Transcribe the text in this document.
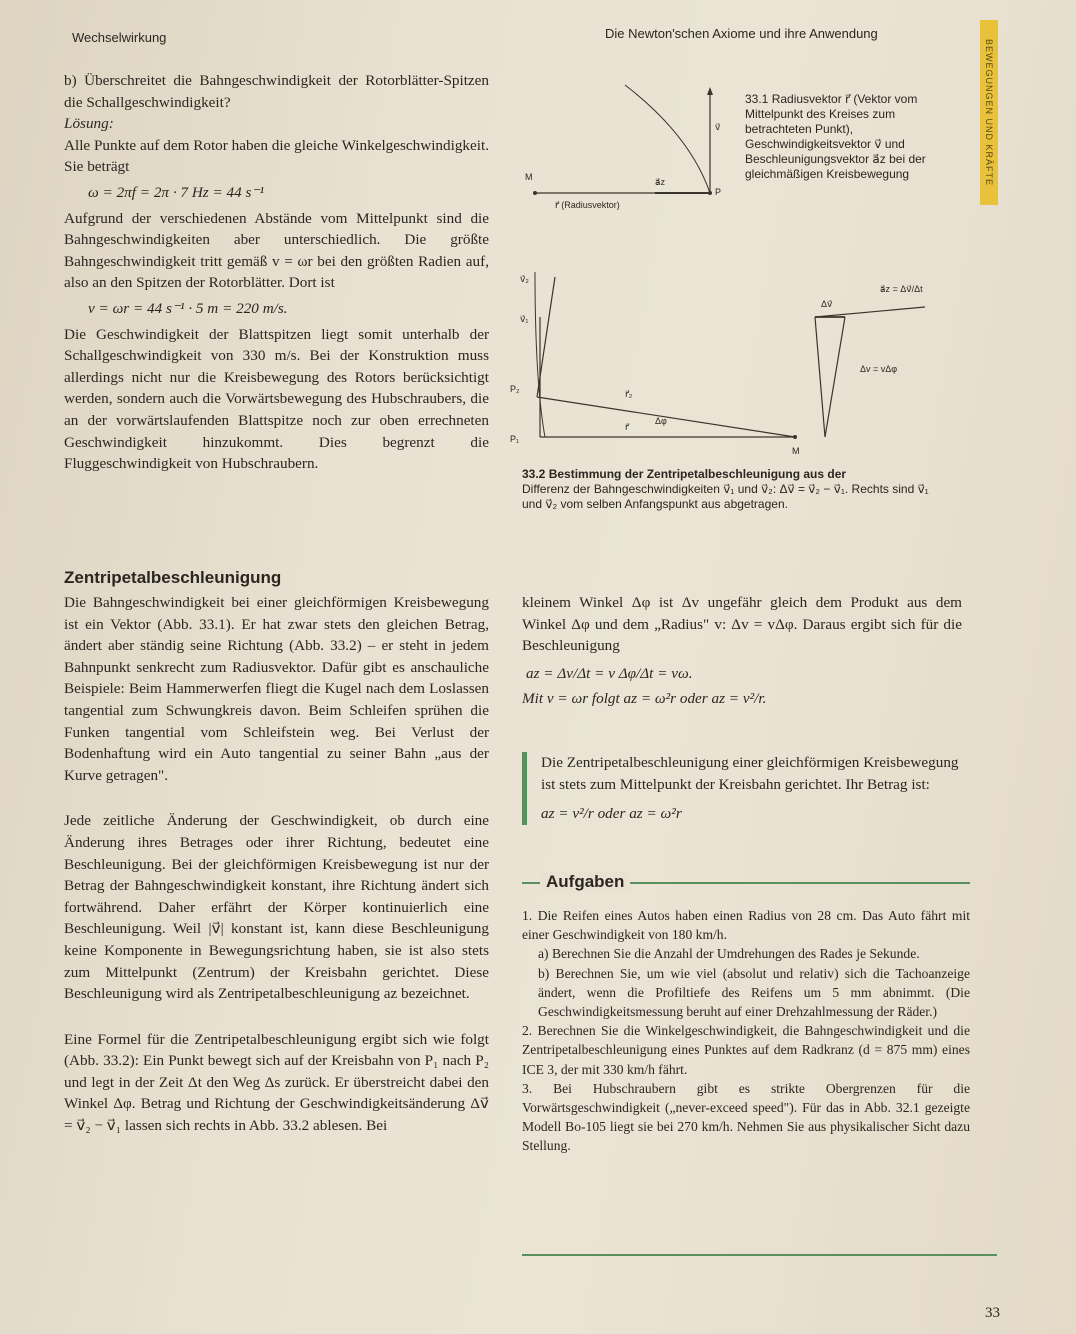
Wechselwirkung	Die Newton'schen Axiome und ihre Anwendung
BEWEGUNGEN UND KRÄFTE

b) Überschreitet die Bahngeschwindigkeit der Rotorblätter-Spitzen die Schallgeschwindigkeit?

Lösung:

Alle Punkte auf dem Rotor haben die gleiche Winkelgeschwindigkeit. Sie beträgt

ω = 2πf = 2π · 7 Hz = 44 s⁻¹

Aufgrund der verschiedenen Abstände vom Mittelpunkt sind die Bahngeschwindigkeiten aber unterschiedlich. Die größte Bahngeschwindigkeit tritt gemäß v = ωr bei den größten Radien auf, also an den Spitzen der Rotorblätter. Dort ist

v = ωr = 44 s⁻¹ · 5 m = 220 m/s.

Die Geschwindigkeit der Blattspitzen liegt somit unterhalb der Schallgeschwindigkeit von 330 m/s. Bei der Konstruktion muss allerdings nicht nur die Kreisbewegung des Rotors berücksichtigt werden, sondern auch die Vorwärtsbewegung des Hubschraubers, die an der vorwärtslaufenden Blattspitze noch zur oben errechneten Geschwindigkeit hinzukommt. Dies begrenzt die Fluggeschwindigkeit von Hubschraubern.

M
P
a⃗z
v⃗
r⃗ (Radiusvektor)
33.1 Radiusvektor r⃗ (Vektor vom Mittelpunkt des Kreises zum betrachteten Punkt), Geschwindigkeitsvektor v⃗ und Beschleunigungsvektor a⃗z bei der gleichmäßigen Kreisbewegung
v⃗₂
v⃗₁
P₂
P₁
r⃗₂
r⃗
Δφ
M
Δv⃗
a⃗z = Δv⃗/Δt
Δv = vΔφ
33.2 Bestimmung der Zentripetalbeschleunigung aus der
Differenz der Bahngeschwindigkeiten v⃗₁ und v⃗₂: Δv⃗ = v⃗₂ − v⃗₁. Rechts sind v⃗₁ und v⃗₂ vom selben Anfangspunkt aus abgetragen.
Zentripetalbeschleunigung

Die Bahngeschwindigkeit bei einer gleichförmigen Kreisbewegung ist ein Vektor (Abb. 33.1). Er hat zwar stets den gleichen Betrag, ändert aber ständig seine Richtung (Abb. 33.2) – er steht in jedem Bahnpunkt senkrecht zum Radiusvektor. Dafür gibt es anschauliche Beispiele: Beim Hammerwerfen fliegt die Kugel nach dem Loslassen tangential zum Schwungkreis davon. Beim Schleifen sprühen die Funken tangential vom Schleifstein weg. Bei Verlust der Bodenhaftung wird ein Auto tangential zu seiner Bahn „aus der Kurve getragen".

Jede zeitliche Änderung der Geschwindigkeit, ob durch eine Änderung ihres Betrages oder ihrer Richtung, bedeutet eine Beschleunigung. Bei der gleichförmigen Kreisbewegung ist nur der Betrag der Bahngeschwindigkeit konstant, ihre Richtung ändert sich fortwährend. Daher erfährt der Körper kontinuierlich eine Beschleunigung. Weil |v⃗| konstant ist, kann diese Beschleunigung keine Komponente in Bewegungsrichtung haben, sie ist also stets zum Mittelpunkt (Zentrum) der Kreisbahn gerichtet. Diese Beschleunigung wird als Zentripetalbeschleunigung az bezeichnet.

Eine Formel für die Zentripetalbeschleunigung ergibt sich wie folgt (Abb. 33.2): Ein Punkt bewegt sich auf der Kreisbahn von P₁ nach P₂ und legt in der Zeit Δt den Weg Δs zurück. Er überstreicht dabei den Winkel Δφ. Betrag und Richtung der Geschwindigkeitsänderung Δv⃗ = v⃗₂ − v⃗₁ lassen sich rechts in Abb. 33.2 ablesen. Bei

kleinem Winkel Δφ ist Δv ungefähr gleich dem Produkt aus dem Winkel Δφ und dem „Radius" v: Δv = vΔφ. Daraus ergibt sich für die Beschleunigung

az = Δv/Δt = v Δφ/Δt = vω.

Mit v = ωr folgt az = ω²r oder az = v²/r.

Die Zentripetalbeschleunigung einer gleichförmigen Kreisbewegung ist stets zum Mittelpunkt der Kreisbahn gerichtet. Ihr Betrag ist:

az = v²/r oder az = ω²r

Aufgaben

1. Die Reifen eines Autos haben einen Radius von 28 cm. Das Auto fährt mit einer Geschwindigkeit von 180 km/h.

a) Berechnen Sie die Anzahl der Umdrehungen des Rades je Sekunde.

b) Berechnen Sie, um wie viel (absolut und relativ) sich die Tachoanzeige ändert, wenn die Profiltiefe des Reifens um 5 mm abnimmt. (Die Geschwindigkeitsmessung beruht auf einer Drehzahlmessung der Räder.)

2. Berechnen Sie die Winkelgeschwindigkeit, die Bahngeschwindigkeit und die Zentripetalbeschleunigung eines Punktes auf dem Radkranz (d = 875 mm) eines ICE 3, der mit 330 km/h fährt.

3. Bei Hubschraubern gibt es strikte Obergrenzen für die Vorwärtsgeschwindigkeit („never-exceed speed"). Für das in Abb. 32.1 gezeigte Modell Bo-105 liegt sie bei 270 km/h. Nehmen Sie aus physikalischer Sicht dazu Stellung.

33
